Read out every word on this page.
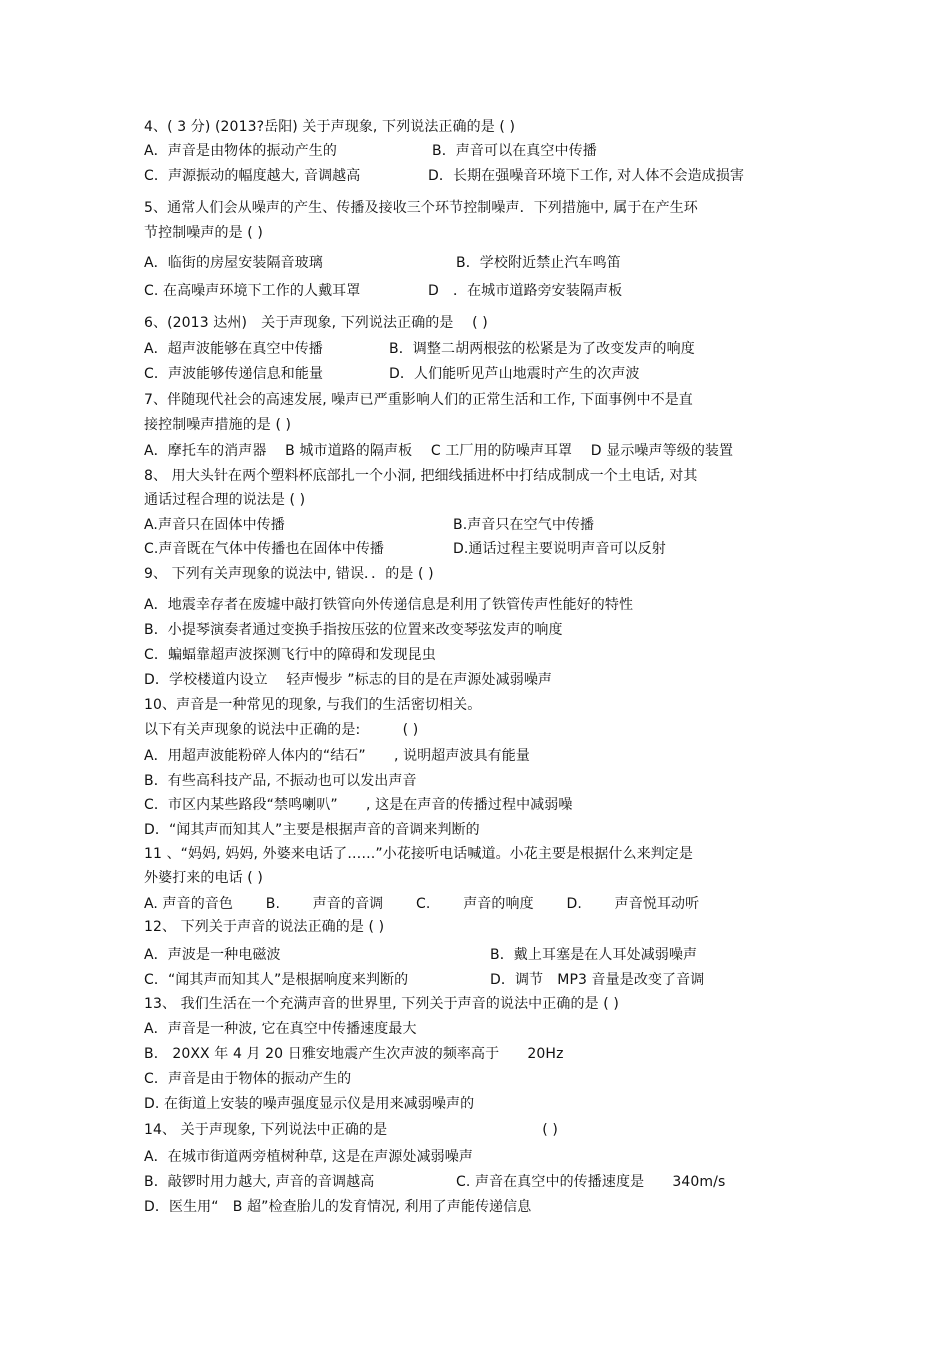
4、( 3 分) (2013?岳阳) 关于声现象, 下列说法正确的是 ( )
A．声音是由物体的振动产生的	B．声音可以在真空中传播
C．声源振动的幅度越大, 音调越高	D．长期在强噪音环境下工作, 对人体不会造成损害
5、通常人们会从噪声的产生、传播及接收三个环节控制噪声．下列措施中, 属于在产生环
节控制噪声的是 ( )
A．临街的房屋安装隔音玻璃	B．学校附近禁止汽车鸣笛
C. 在高噪声环境下工作的人戴耳罩	D　．在城市道路旁安装隔声板
6、(2013 达州)　关于声现象, 下列说法正确的是　 ( )
A．超声波能够在真空中传播	B．调整二胡两根弦的松紧是为了改变发声的响度
C．声波能够传递信息和能量	D．人们能听见芦山地震时产生的次声波
7、伴随现代社会的高速发展, 噪声已严重影响人们的正常生活和工作, 下面事例中不是直
接控制噪声措施的是 ( )
A．摩托车的消声器　 B 城市道路的隔声板　 C 工厂用的防噪声耳罩　 D 显示噪声等级的装置
8、 用大头针在两个塑料杯底部扎一个小洞, 把细线插进杯中打结成制成一个土电话, 对其
通话过程合理的说法是 ( )
A.声音只在固体中传播	B.声音只在空气中传播
C.声音既在气体中传播也在固体中传播	D.通话过程主要说明声音可以反射
9、 下列有关声现象的说法中, 错误．．的是 ( )
A．地震幸存者在废墟中敲打铁管向外传递信息是利用了铁管传声性能好的特性
B．小提琴演奏者通过变换手指按压弦的位置来改变琴弦发声的响度
C．蝙蝠靠超声波探测飞行中的障碍和发现昆虫
D．学校楼道内设立　 轻声慢步 ”标志的目的是在声源处减弱噪声
10、声音是一种常见的现象, 与我们的生活密切相关。
以下有关声现象的说法中正确的是:　　　( )
A．用超声波能粉碎人体内的“结石”　　, 说明超声波具有能量
B．有些高科技产品, 不振动也可以发出声音
C．市区内某些路段“禁鸣喇叭”　　, 这是在声音的传播过程中减弱噪
D．“闻其声而知其人”主要是根据声音的音调来判断的
11 、“妈妈, 妈妈, 外婆来电话了……”小花接听电话喊道。小花主要是根据什么来判定是
外婆打来的电话 ( )
A. 声音的音色　　 B.　　 声音的音调　　 C.　　 声音的响度　　 D.　　 声音悦耳动听
12、 下列关于声音的说法正确的是 ( )
A．声波是一种电磁波	B．戴上耳塞是在人耳处减弱噪声
C．“闻其声而知其人”是根据响度来判断的	D．调节　MP3 音量是改变了音调
13、 我们生活在一个充满声音的世界里, 下列关于声音的说法中正确的是 ( )
A．声音是一种波, 它在真空中传播速度最大
B． 20XX 年 4 月 20 日雅安地震产生次声波的频率高于　　20Hz
C．声音是由于物体的振动产生的
D. 在街道上安装的噪声强度显示仪是用来减弱噪声的
14、 关于声现象, 下列说法中正确的是　　　　　　　　　　　( )
A．在城市街道两旁植树种草, 这是在声源处减弱噪声
B．敲锣时用力越大, 声音的音调越高	C. 声音在真空中的传播速度是　　340m/s
D．医生用“　B 超”检查胎儿的发育情况, 利用了声能传递信息
